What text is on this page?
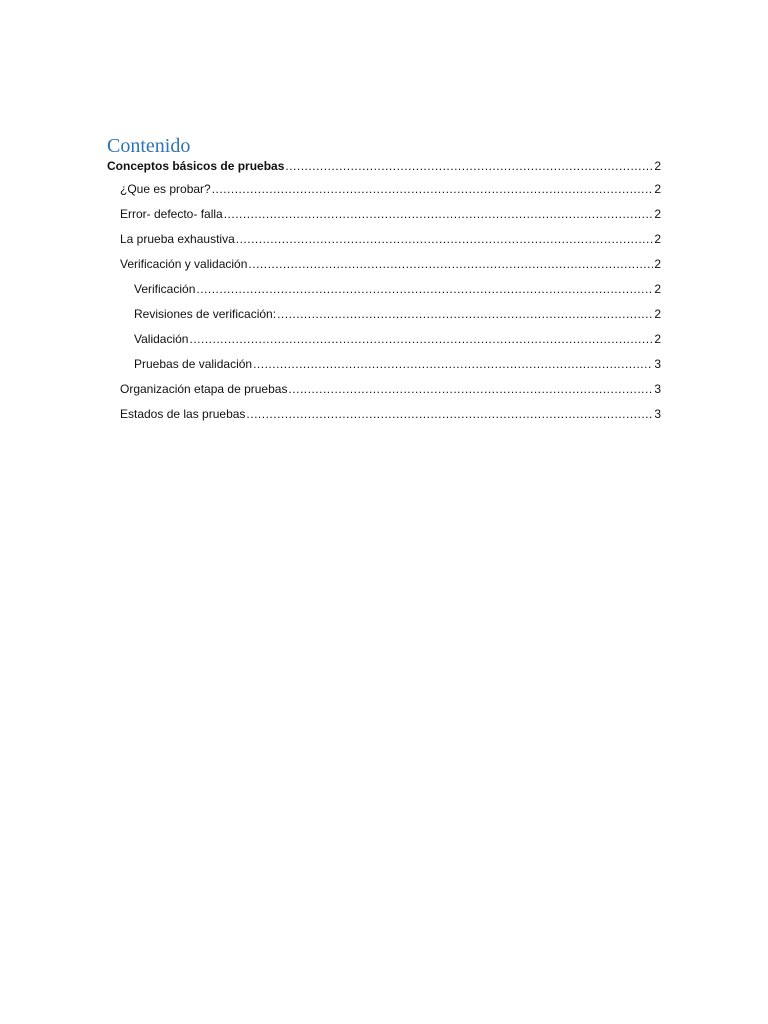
Contenido
Conceptos básicos de pruebas .....	2
¿Que es probar? .....	2
Error- defecto- falla .....	2
La prueba exhaustiva .....	2
Verificación y validación .....	2
Verificación .....	2
Revisiones de verificación: .....	2
Validación .....	2
Pruebas de validación .....	3
Organización etapa de pruebas .....	3
Estados de las pruebas .....	3
